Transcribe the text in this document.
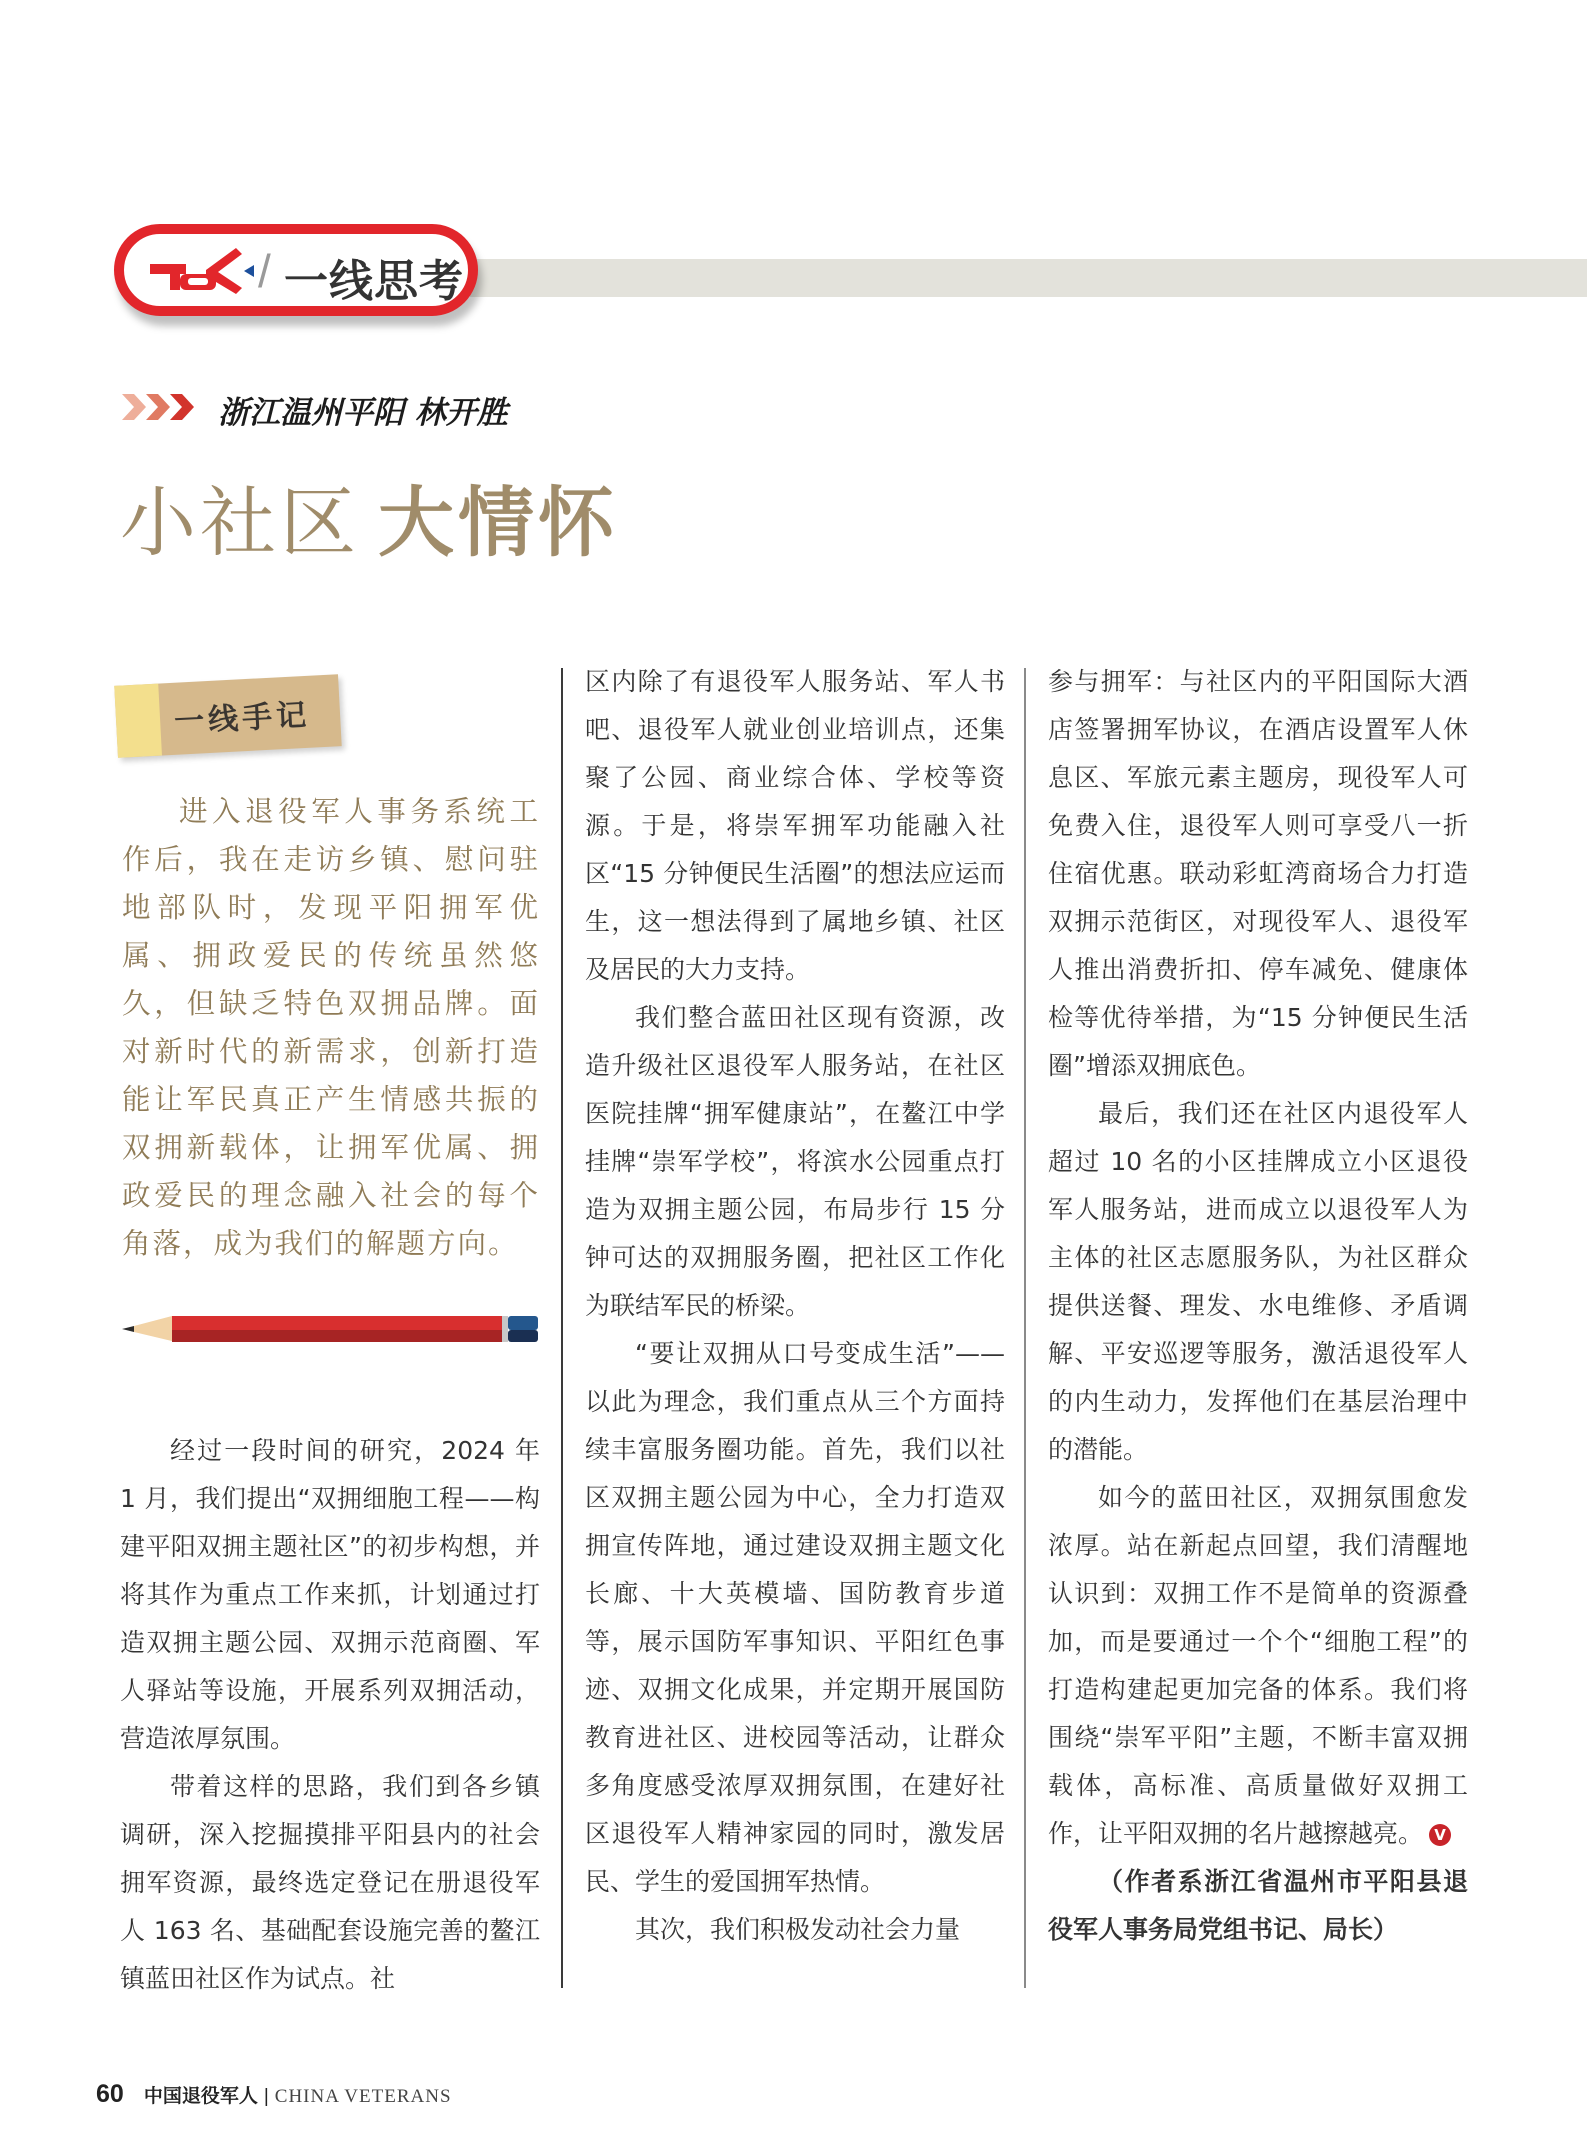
/ 一线思考
浙江温州平阳 林开胜
小社区 大情怀
一线手记

进入退役军人事务系统工作后，我在走访乡镇、慰问驻地部队时，发现平阳拥军优属、拥政爱民的传统虽然悠久，但缺乏特色双拥品牌。面对新时代的新需求，创新打造能让军民真正产生情感共振的双拥新载体，让拥军优属、拥政爱民的理念融入社会的每个角落，成为我们的解题方向。

经过一段时间的研究，2024 年 1 月，我们提出“双拥细胞工程——构建平阳双拥主题社区”的初步构想，并将其作为重点工作来抓，计划通过打造双拥主题公园、双拥示范商圈、军人驿站等设施，开展系列双拥活动，营造浓厚氛围。

带着这样的思路，我们到各乡镇调研，深入挖掘摸排平阳县内的社会拥军资源，最终选定登记在册退役军人 163 名、基础配套设施完善的鳌江镇蓝田社区作为试点。社

区内除了有退役军人服务站、军人书吧、退役军人就业创业培训点，还集聚了公园、商业综合体、学校等资源。于是，将崇军拥军功能融入社区“15 分钟便民生活圈”的想法应运而生，这一想法得到了属地乡镇、社区及居民的大力支持。

我们整合蓝田社区现有资源，改造升级社区退役军人服务站，在社区医院挂牌“拥军健康站”，在鳌江中学挂牌“崇军学校”，将滨水公园重点打造为双拥主题公园，布局步行 15 分钟可达的双拥服务圈，把社区工作化为联结军民的桥梁。

“要让双拥从口号变成生活”——以此为理念，我们重点从三个方面持续丰富服务圈功能。首先，我们以社区双拥主题公园为中心，全力打造双拥宣传阵地，通过建设双拥主题文化长廊、十大英模墙、国防教育步道等，展示国防军事知识、平阳红色事迹、双拥文化成果，并定期开展国防教育进社区、进校园等活动，让群众多角度感受浓厚双拥氛围，在建好社区退役军人精神家园的同时，激发居民、学生的爱国拥军热情。

其次，我们积极发动社会力量

参与拥军：与社区内的平阳国际大酒店签署拥军协议，在酒店设置军人休息区、军旅元素主题房，现役军人可免费入住，退役军人则可享受八一折住宿优惠。联动彩虹湾商场合力打造双拥示范街区，对现役军人、退役军人推出消费折扣、停车减免、健康体检等优待举措，为“15 分钟便民生活圈”增添双拥底色。

最后，我们还在社区内退役军人超过 10 名的小区挂牌成立小区退役军人服务站，进而成立以退役军人为主体的社区志愿服务队，为社区群众提供送餐、理发、水电维修、矛盾调解、平安巡逻等服务，激活退役军人的内生动力，发挥他们在基层治理中的潜能。

如今的蓝田社区，双拥氛围愈发浓厚。站在新起点回望，我们清醒地认识到：双拥工作不是简单的资源叠加，而是要通过一个个“细胞工程”的打造构建起更加完备的体系。我们将围绕“崇军平阳”主题，不断丰富双拥载体，高标准、高质量做好双拥工作，让平阳双拥的名片越擦越亮。 V

（作者系浙江省温州市平阳县退役军人事务局党组书记、局长）

60 中国退役军人 | CHINA VETERANS
